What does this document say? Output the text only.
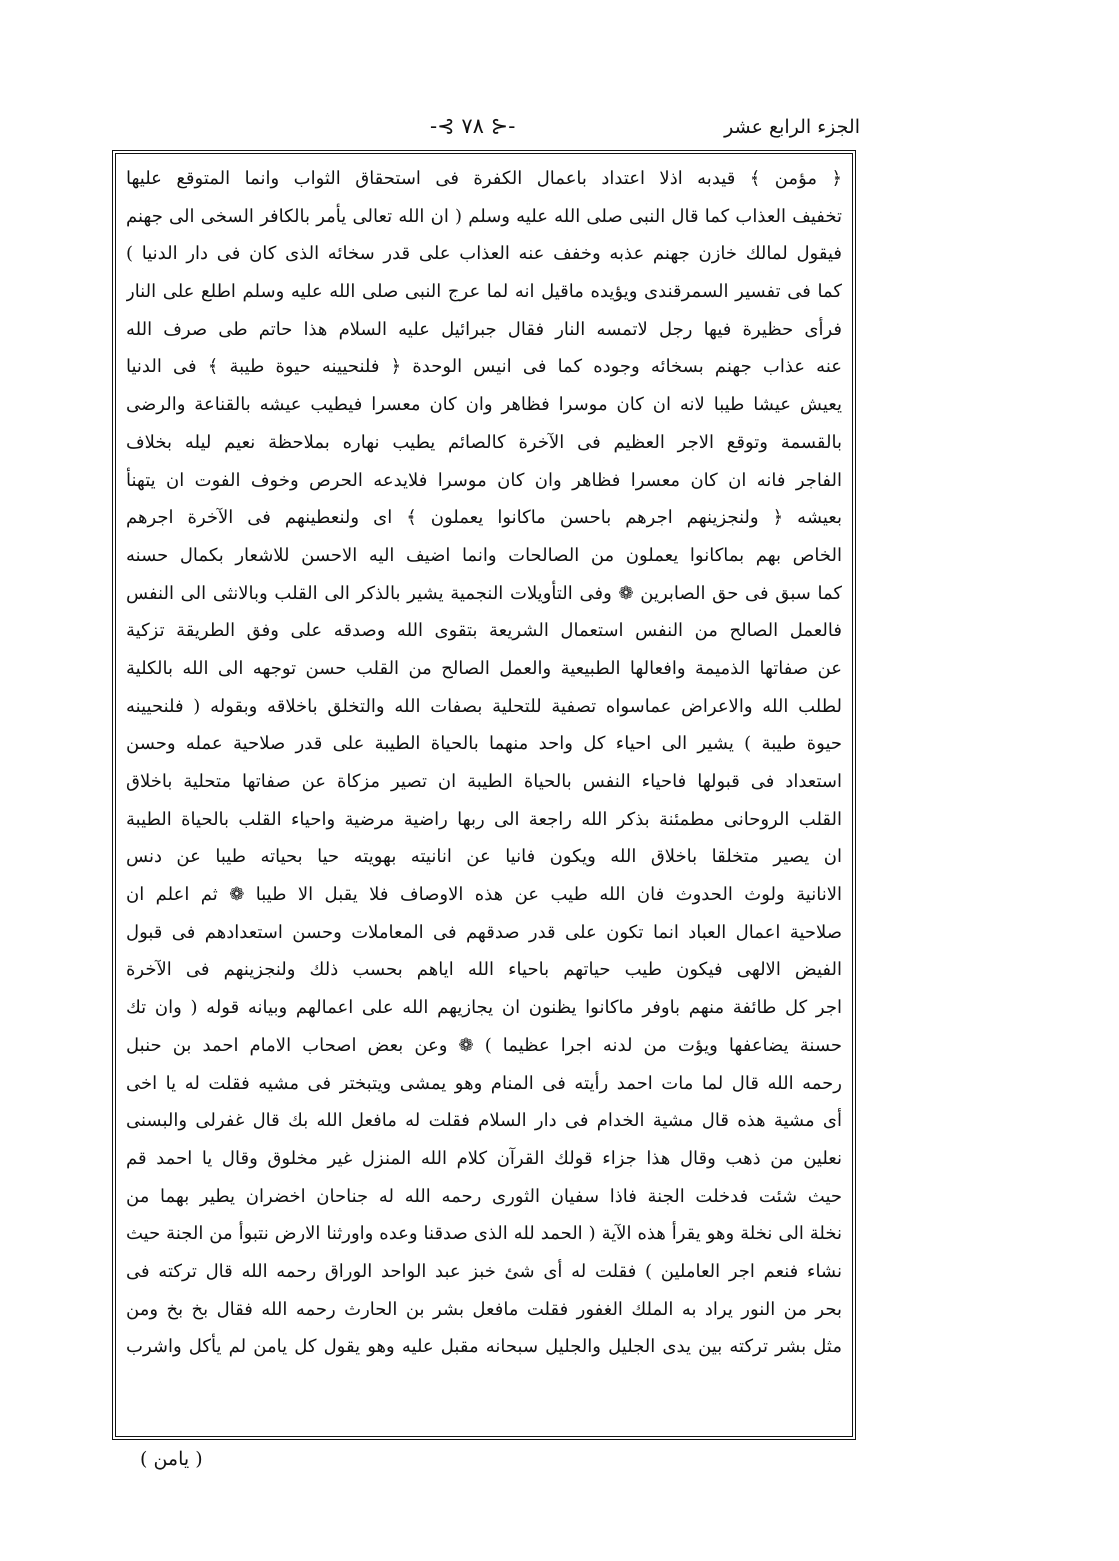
الجزء الرابع عشر
-⊰ ٧٨ ⊱-
﴿ مؤمن ﴾ قيدبه اذلا اعتداد باعمال الكفرة فى استحقاق الثواب وانما المتوقع عليها
تخفيف العذاب كما قال النبى صلى الله عليه وسلم ( ان الله تعالى يأمر بالكافر السخى الى جهنم
فيقول لمالك خازن جهنم عذبه وخفف عنه العذاب على قدر سخائه الذى كان فى دار الدنيا )
كما فى تفسير السمرقندى ويؤيده ماقيل انه لما عرج النبى صلى الله عليه وسلم اطلع على النار
فرأى حظيرة فيها رجل لاتمسه النار فقال جبرائيل عليه السلام هذا حاتم طى صرف الله
عنه عذاب جهنم بسخائه وجوده كما فى انيس الوحدة ﴿ فلنحيينه حيوة طيبة ﴾ فى الدنيا
يعيش عيشا طيبا لانه ان كان موسرا فظاهر وان كان معسرا فيطيب عيشه بالقناعة والرضى
بالقسمة وتوقع الاجر العظيم فى الآخرة كالصائم يطيب نهاره بملاحظة نعيم ليله بخلاف
الفاجر فانه ان كان معسرا فظاهر وان كان موسرا فلايدعه الحرص وخوف الفوت ان يتهنأ
بعيشه ﴿ ولنجزينهم اجرهم باحسن ماكانوا يعملون ﴾ اى ولنعطينهم فى الآخرة اجرهم
الخاص بهم بماكانوا يعملون من الصالحات وانما اضيف اليه الاحسن للاشعار بكمال حسنه
كما سبق فى حق الصابرين ❁ وفى التأويلات النجمية يشير بالذكر الى القلب وبالانثى الى النفس
فالعمل الصالح من النفس استعمال الشريعة بتقوى الله وصدقه على وفق الطريقة تزكية
عن صفاتها الذميمة وافعالها الطبيعية والعمل الصالح من القلب حسن توجهه الى الله بالكلية
لطلب الله والاعراض عماسواه تصفية للتحلية بصفات الله والتخلق باخلاقه وبقوله ( فلنحيينه
حيوة طيبة ) يشير الى احياء كل واحد منهما بالحياة الطيبة على قدر صلاحية عمله وحسن
استعداد فى قبولها فاحياء النفس بالحياة الطيبة ان تصير مزكاة عن صفاتها متحلية باخلاق
القلب الروحانى مطمئنة بذكر الله راجعة الى ربها راضية مرضية واحياء القلب بالحياة الطيبة
ان يصير متخلقا باخلاق الله ويكون فانيا عن انانيته بهويته حيا بحياته طيبا عن دنس
الانانية ولوث الحدوث فان الله طيب عن هذه الاوصاف فلا يقبل الا طيبا ❁ ثم اعلم ان
صلاحية اعمال العباد انما تكون على قدر صدقهم فى المعاملات وحسن استعدادهم فى قبول
الفيض الالهى فيكون طيب حياتهم باحياء الله اياهم بحسب ذلك ولنجزينهم فى الآخرة
اجر كل طائفة منهم باوفر ماكانوا يظنون ان يجازيهم الله على اعمالهم وبيانه قوله ( وان تك
حسنة يضاعفها ويؤت من لدنه اجرا عظيما ) ❁ وعن بعض اصحاب الامام احمد بن حنبل
رحمه الله قال لما مات احمد رأيته فى المنام وهو يمشى ويتبختر فى مشيه فقلت له يا اخى
أى مشية هذه قال مشية الخدام فى دار السلام فقلت له مافعل الله بك قال غفرلى والبسنى
نعلين من ذهب وقال هذا جزاء قولك القرآن كلام الله المنزل غير مخلوق وقال يا احمد قم
حيث شئت فدخلت الجنة فاذا سفيان الثورى رحمه الله له جناحان اخضران يطير بهما من
نخلة الى نخلة وهو يقرأ هذه الآية ( الحمد لله الذى صدقنا وعده واورثنا الارض نتبوأ من الجنة حيث
نشاء فنعم اجر العاملين ) فقلت له أى شئ خبز عبد الواحد الوراق رحمه الله قال تركته فى
بحر من النور يراد به الملك الغفور فقلت مافعل بشر بن الحارث رحمه الله فقال بخ بخ ومن
مثل بشر تركته بين يدى الجليل والجليل سبحانه مقبل عليه وهو يقول كل يامن لم يأكل واشرب
( يامن )
